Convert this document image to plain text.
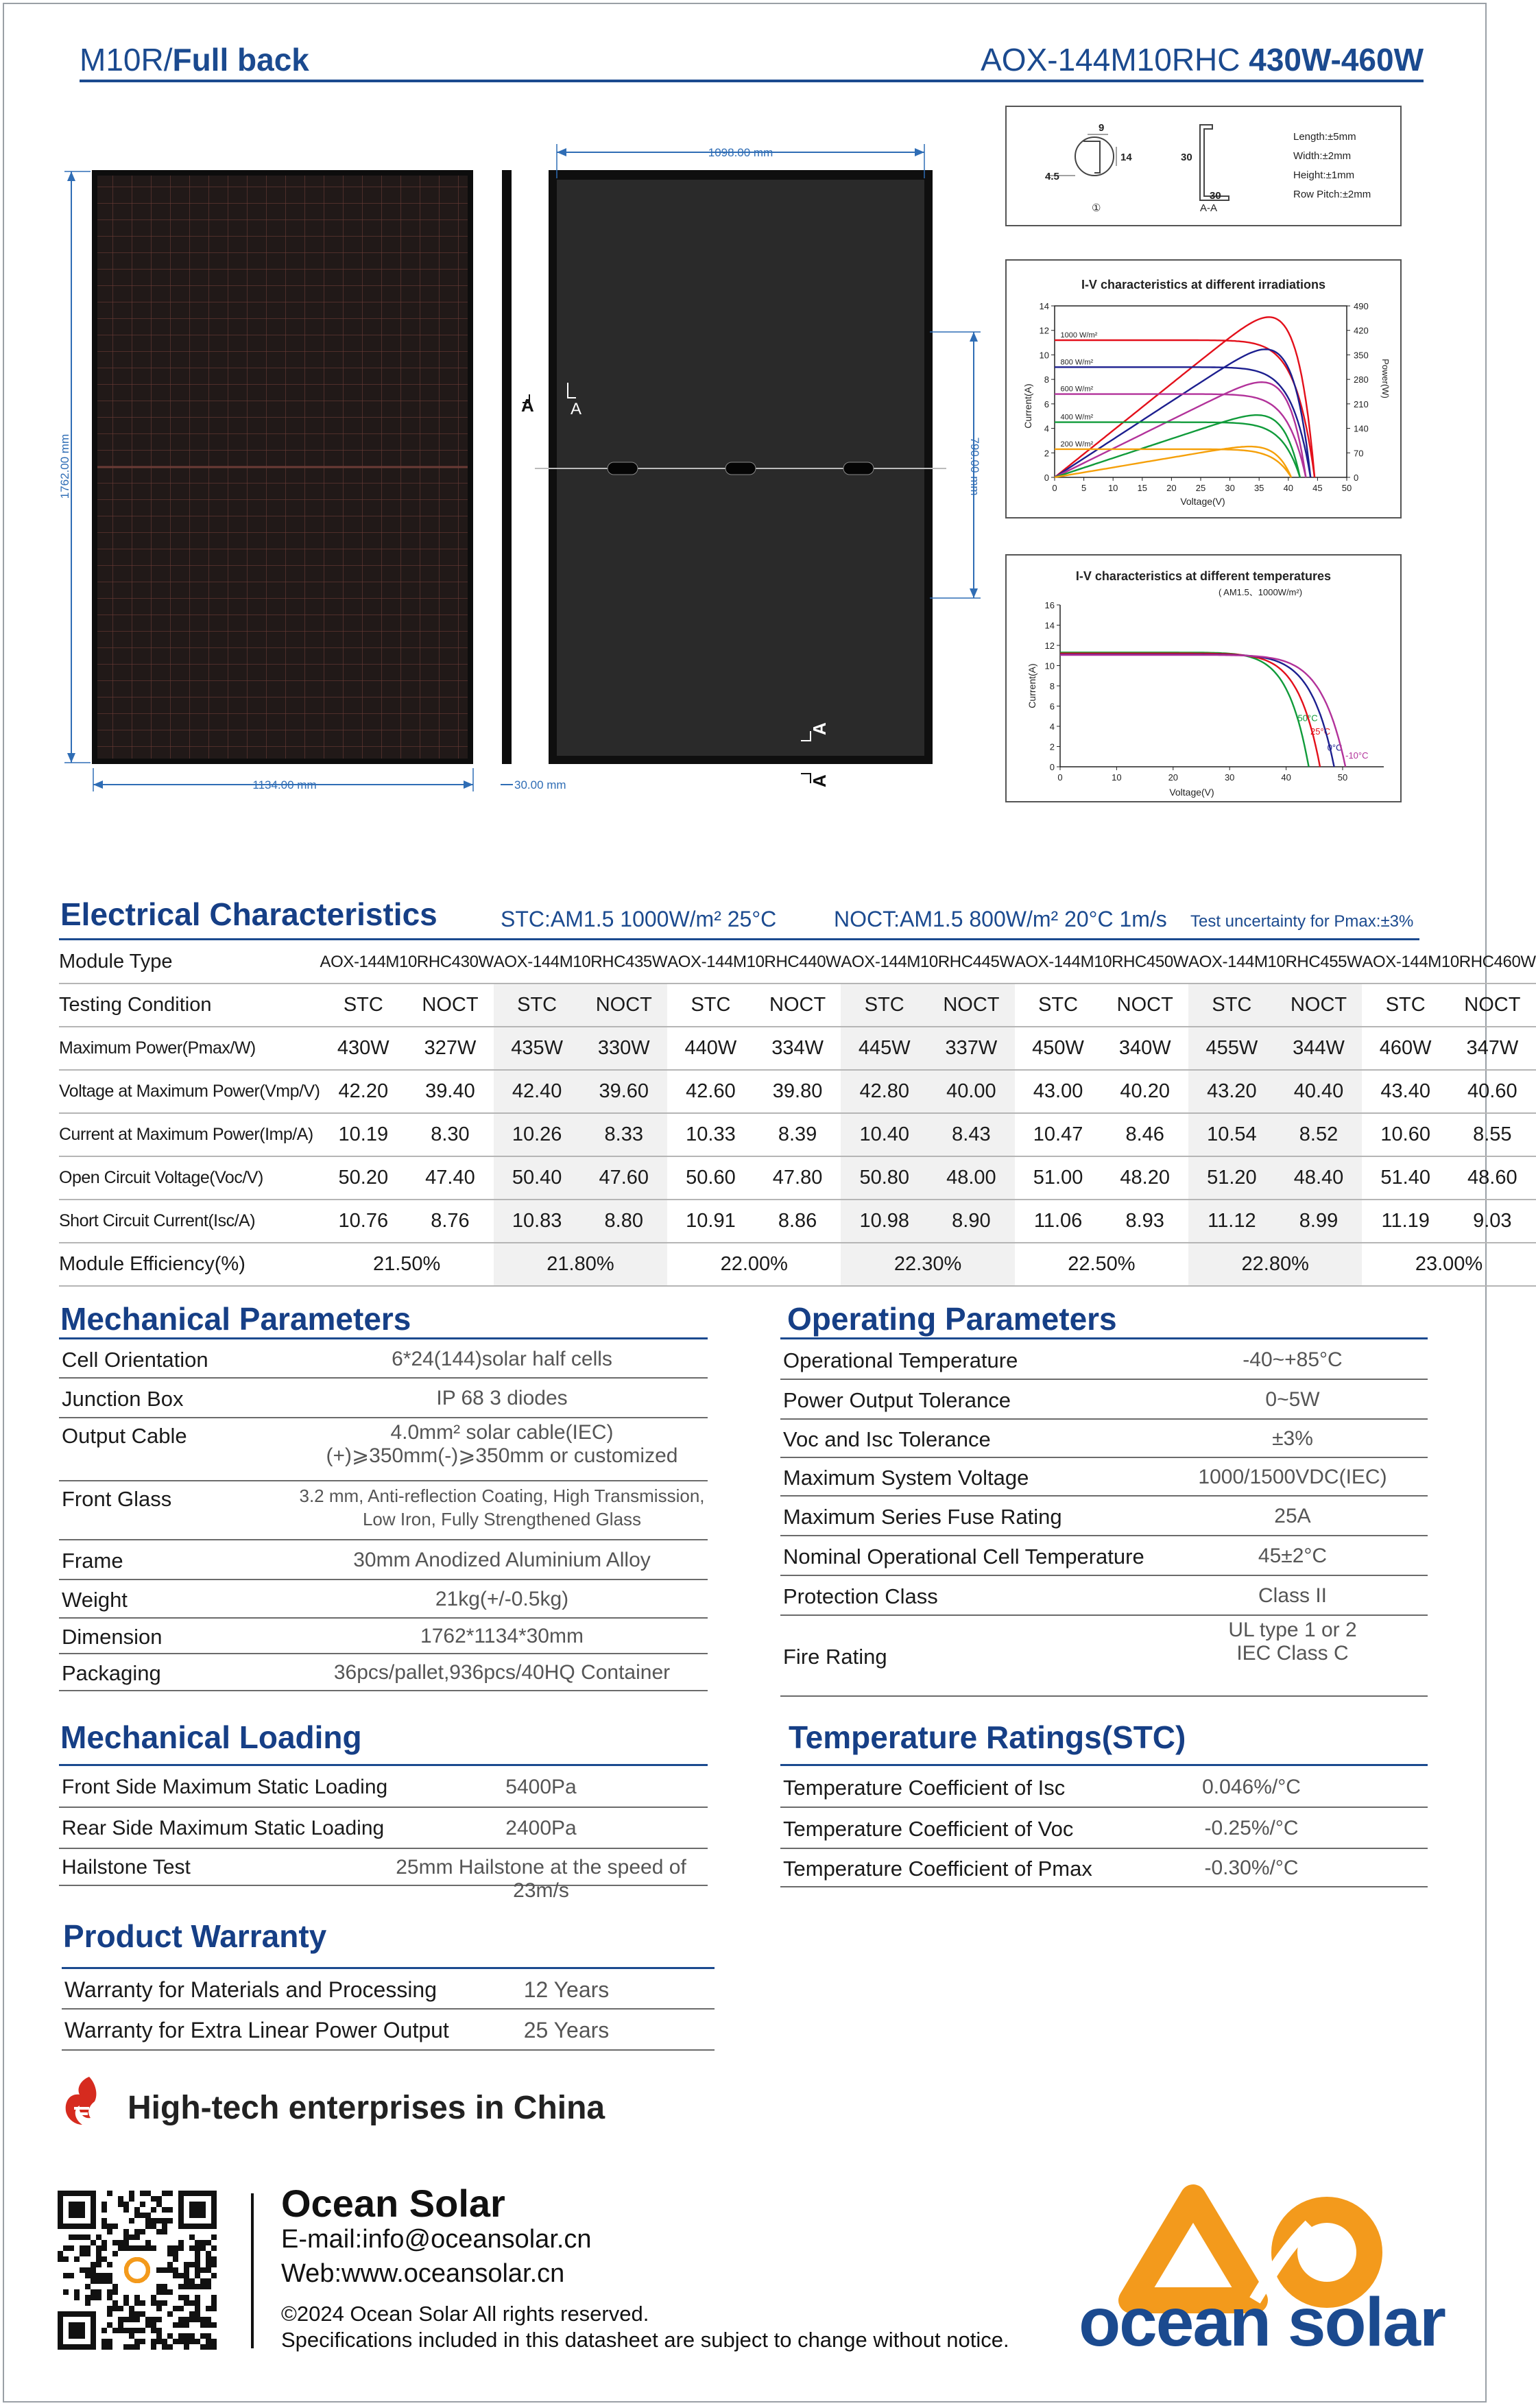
M10R/Full back	AOX-144M10RHC 430W-460W
1762.00 mm
1134.00 mm	30.00 mm
A A
1098.00 mm
790.00 mm
A
A
9
14
4.5
①
30
30
A-A
Length:±5mm
Width:±2mm
Height:±1mm
Row Pitch:±2mm
I-V characteristics at different irradiations
Current(A)
Power(W)
Voltage(V)
0	5 10 15 20 25 30 35 40 45 50
0
2
4
6
8
10
12
14
0
70
140
210
280
350
420
490
1000 W/m²
800 W/m²
600 W/m²
400 W/m²
200 W/m²
I-V characteristics at different temperatures
( AM1.5、1000W/m²)
Current(A)
Voltage(V)
0	10	20	30	40	50
0
2
4
6
8
10
12
14
16
50°C
25°C
0°C
-10°C
Electrical Characteristics	STC:AM1.5 1000W/m² 25°C	NOCT:AM1.5 800W/m² 20°C 1m/s Test uncertainty for Pmax:±3%
Module Type	AOX-144M10RHC430W		AOX-144M10RHC435W		AOX-144M10RHC440W		AOX-144M10RHC445W		AOX-144M10RHC450W		AOX-144M10RHC455W		AOX-144M10RHC460W	
Testing Condition	STC	NOCT	STC	NOCT	STC	NOCT	STC	NOCT	STC	NOCT	STC	NOCT	STC	NOCT
Maximum Power(Pmax/W)	430W	327W	435W	330W	440W	334W	445W	337W	450W	340W	455W	344W	460W	347W
Voltage at Maximum Power(Vmp/V)	42.20	39.40	42.40	39.60	42.60	39.80	42.80	40.00	43.00	40.20	43.20	40.40	43.40	40.60
Current at Maximum Power(Imp/A)	10.19	8.30	10.26	8.33	10.33	8.39	10.40	8.43	10.47	8.46	10.54	8.52	10.60	8.55
Open Circuit Voltage(Voc/V)	50.20	47.40	50.40	47.60	50.60	47.80	50.80	48.00	51.00	48.20	51.20	48.40	51.40	48.60
Short Circuit Current(Isc/A)	10.76	8.76	10.83	8.80	10.91	8.86	10.98	8.90	11.06	8.93	11.12	8.99	11.19	9.03
Module Efficiency(%)	21.50%		21.80%		22.00%		22.30%		22.50%		22.80%		23.00%	
Mechanical Parameters
Cell Orientation	6*24(144)solar half cells
Junction Box	IP 68 3 diodes
Output Cable	4.0mm² solar cable(IEC)
(+)⩾350mm(-)⩾350mm or customized
Front Glass	3.2 mm, Anti-reflection Coating, High Transmission,
Low Iron, Fully Strengthened Glass
Frame	30mm Anodized Aluminium Alloy
Weight	21kg(+/-0.5kg)
Dimension	1762*1134*30mm
Packaging	36pcs/pallet,936pcs/40HQ Container
Operating Parameters
Operational Temperature	-40~+85°C
Power Output Tolerance	0~5W
Voc and Isc Tolerance	±3%
Maximum System Voltage	1000/1500VDC(IEC)
Maximum Series Fuse Rating	25A
Nominal Operational Cell Temperature	45±2°C
Protection Class	Class II
Fire Rating
UL type 1 or 2
IEC Class C
Mechanical Loading
Front Side Maximum Static Loading	5400Pa
Rear Side Maximum Static Loading	2400Pa
Hailstone Test	25mm Hailstone at the speed of 23m/s
Temperature Ratings(STC)
Temperature Coefficient of Isc	0.046%/°C
Temperature Coefficient of Voc	-0.25%/°C
Temperature Coefficient of Pmax	-0.30%/°C
Product Warranty
Warranty for Materials and Processing	12 Years
Warranty for Extra Linear Power Output	25 Years
High-tech enterprises in China
Ocean Solar
E-mail:info@oceansolar.cn
Web:www.oceansolar.cn
©2024 Ocean Solar All rights reserved.
Specifications included in this datasheet are subject to change without notice. ocean solar
